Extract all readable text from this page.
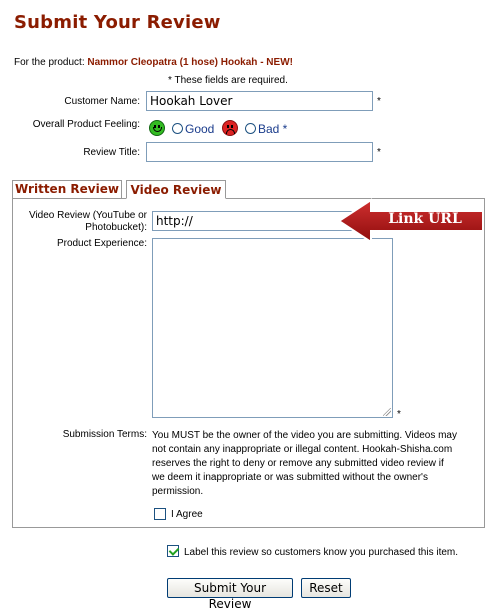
Submit Your Review
For the product: Nammor Cleopatra (1 hose) Hookah - NEW!
* These fields are required.
Customer Name:
Hookah Lover	*
Overall Product Feeling:	Good	Bad *
Review Title:	*
Written Review Video Review
Video Review (YouTube or
Photobucket):
http://
Product Experience:
*
Submission Terms: You MUST be the owner of the video you are submitting. Videos may not contain any inappropriate or illegal content. Hookah-Shisha.com reserves the right to deny or remove any submitted video review if we deem it inappropriate or was submitted without the owner's permission.
I Agree
Link URL
Label this review so customers know you purchased this item.
Submit Your Review
Reset
